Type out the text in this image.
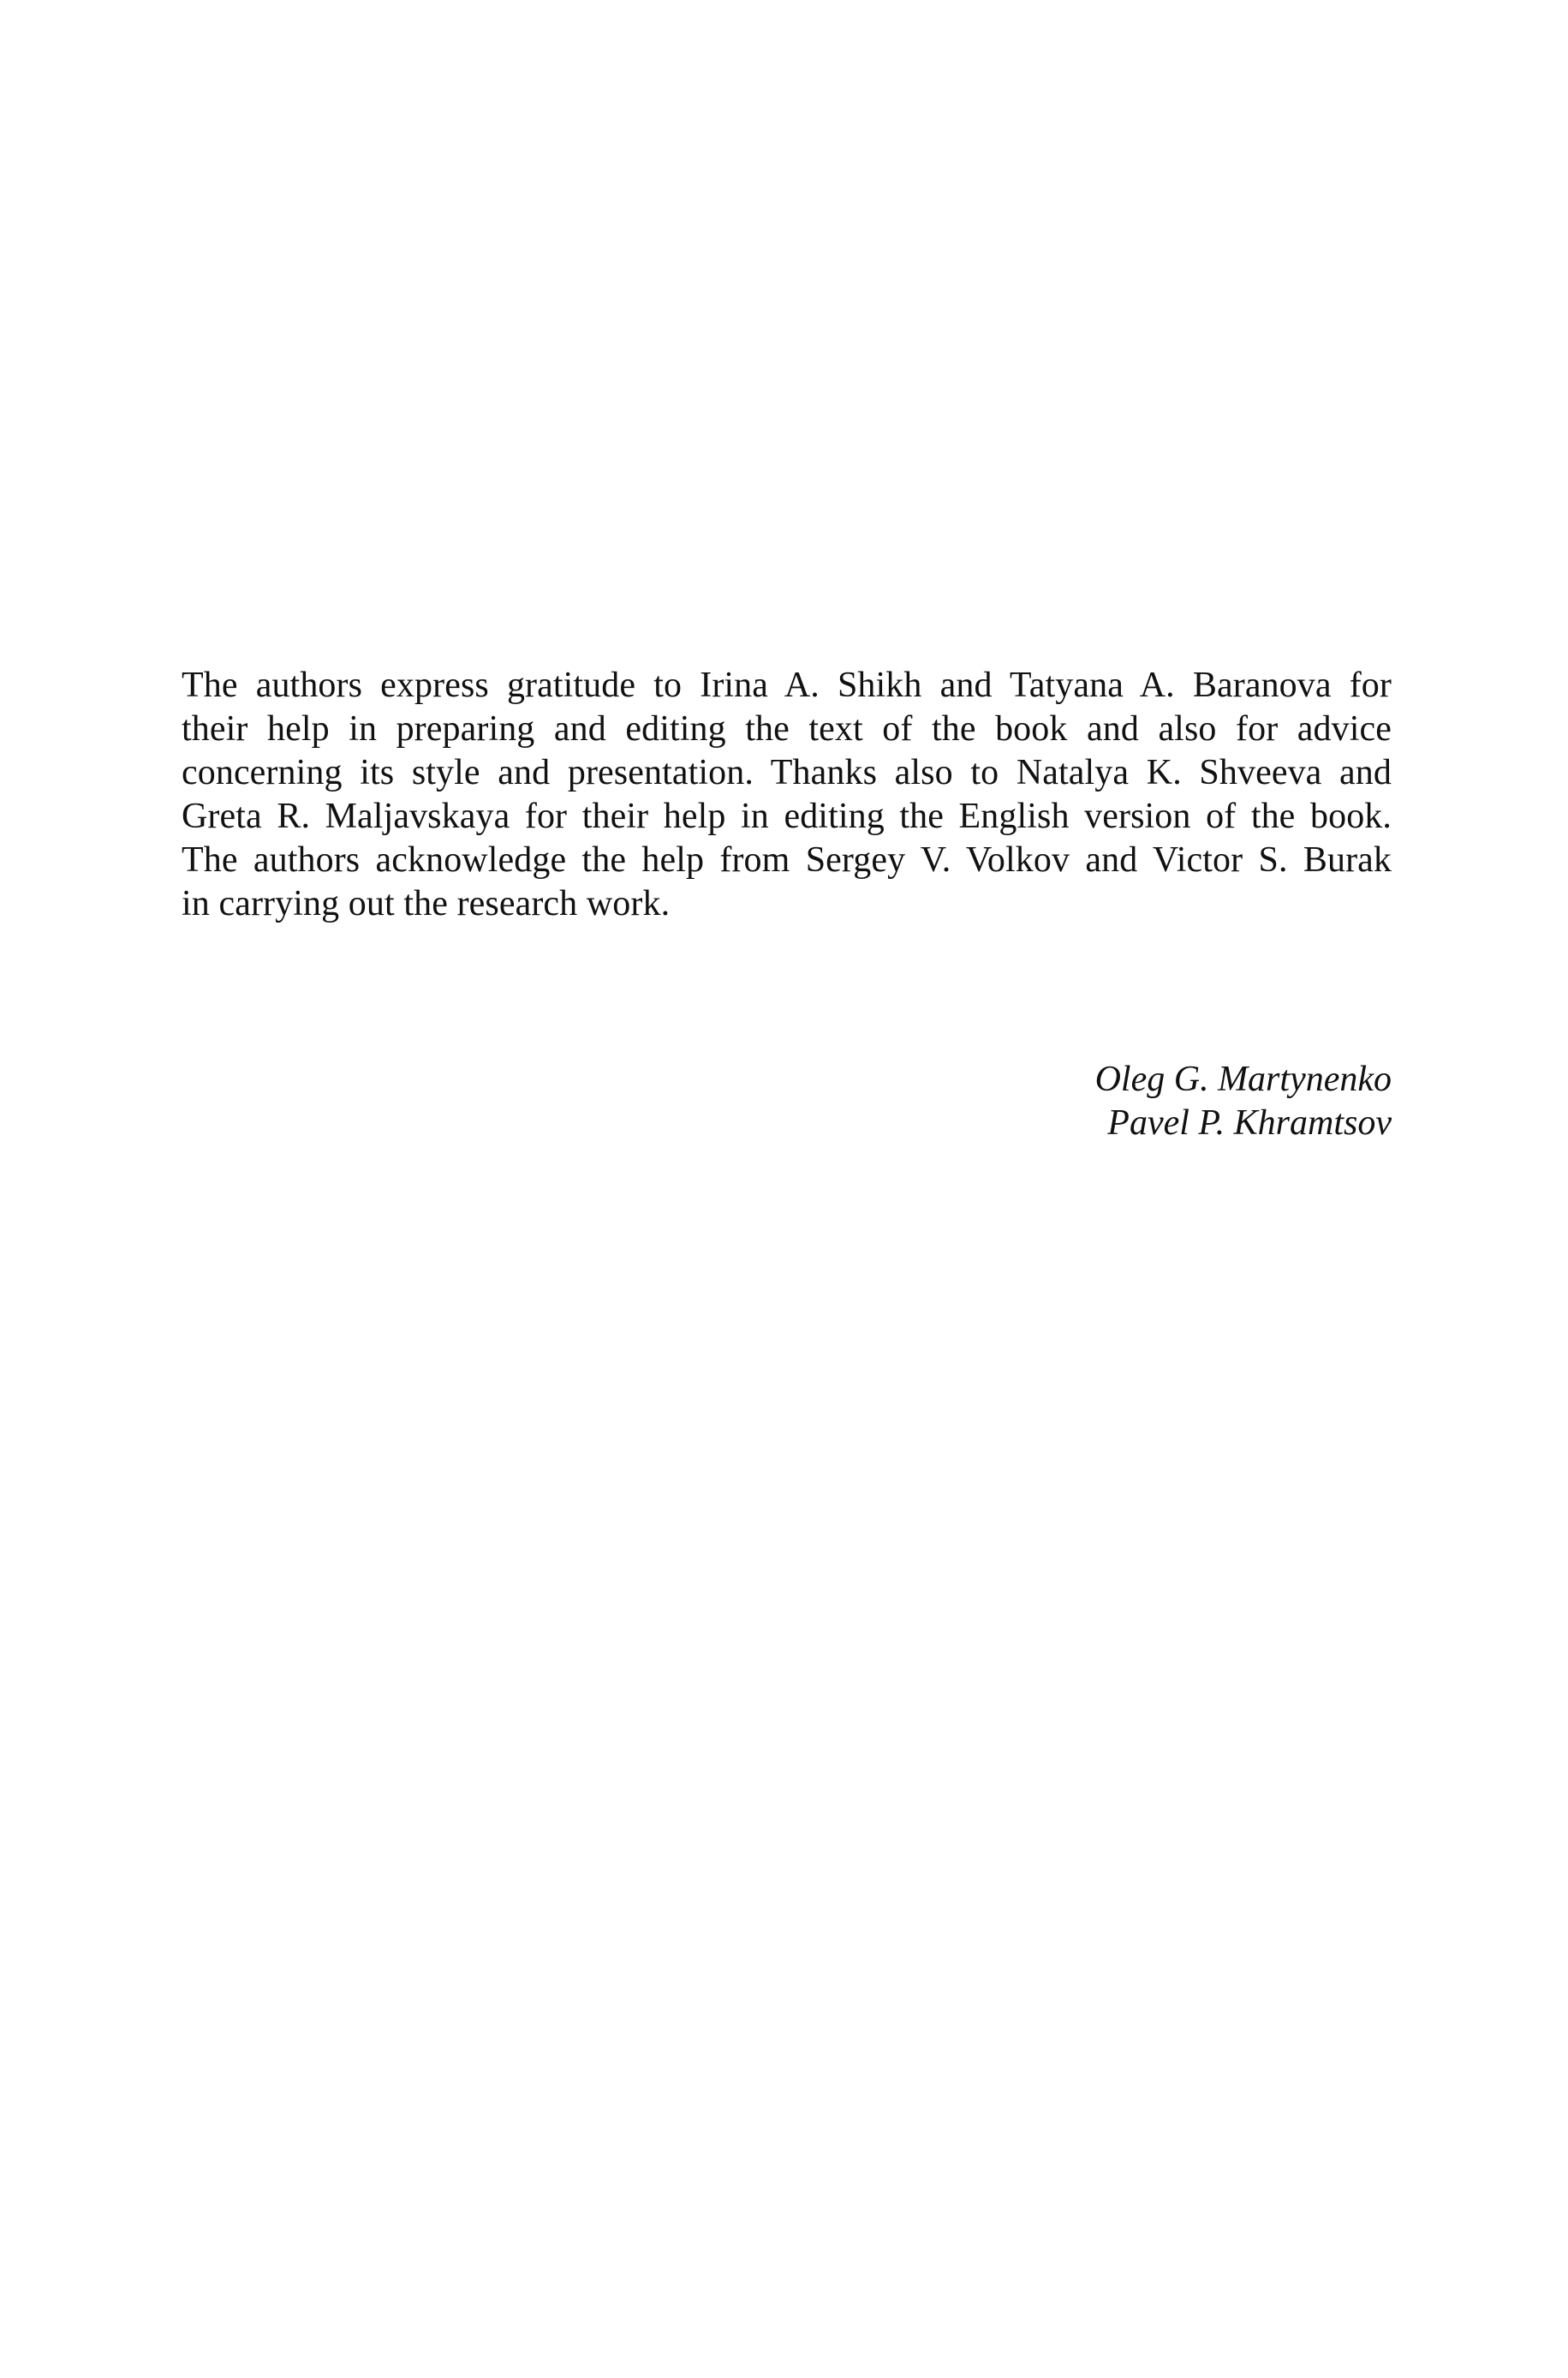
The authors express gratitude to Irina A. Shikh and Tatyana A. Baranova for
their help in preparing and editing the text of the book and also for advice
concerning its style and presentation. Thanks also to Natalya K. Shveeva and
Greta R. Maljavskaya for their help in editing the English version of the book.
The authors acknowledge the help from Sergey V. Volkov and Victor S. Burak
in carrying out the research work.
Oleg G. Martynenko
Pavel P. Khramtsov
